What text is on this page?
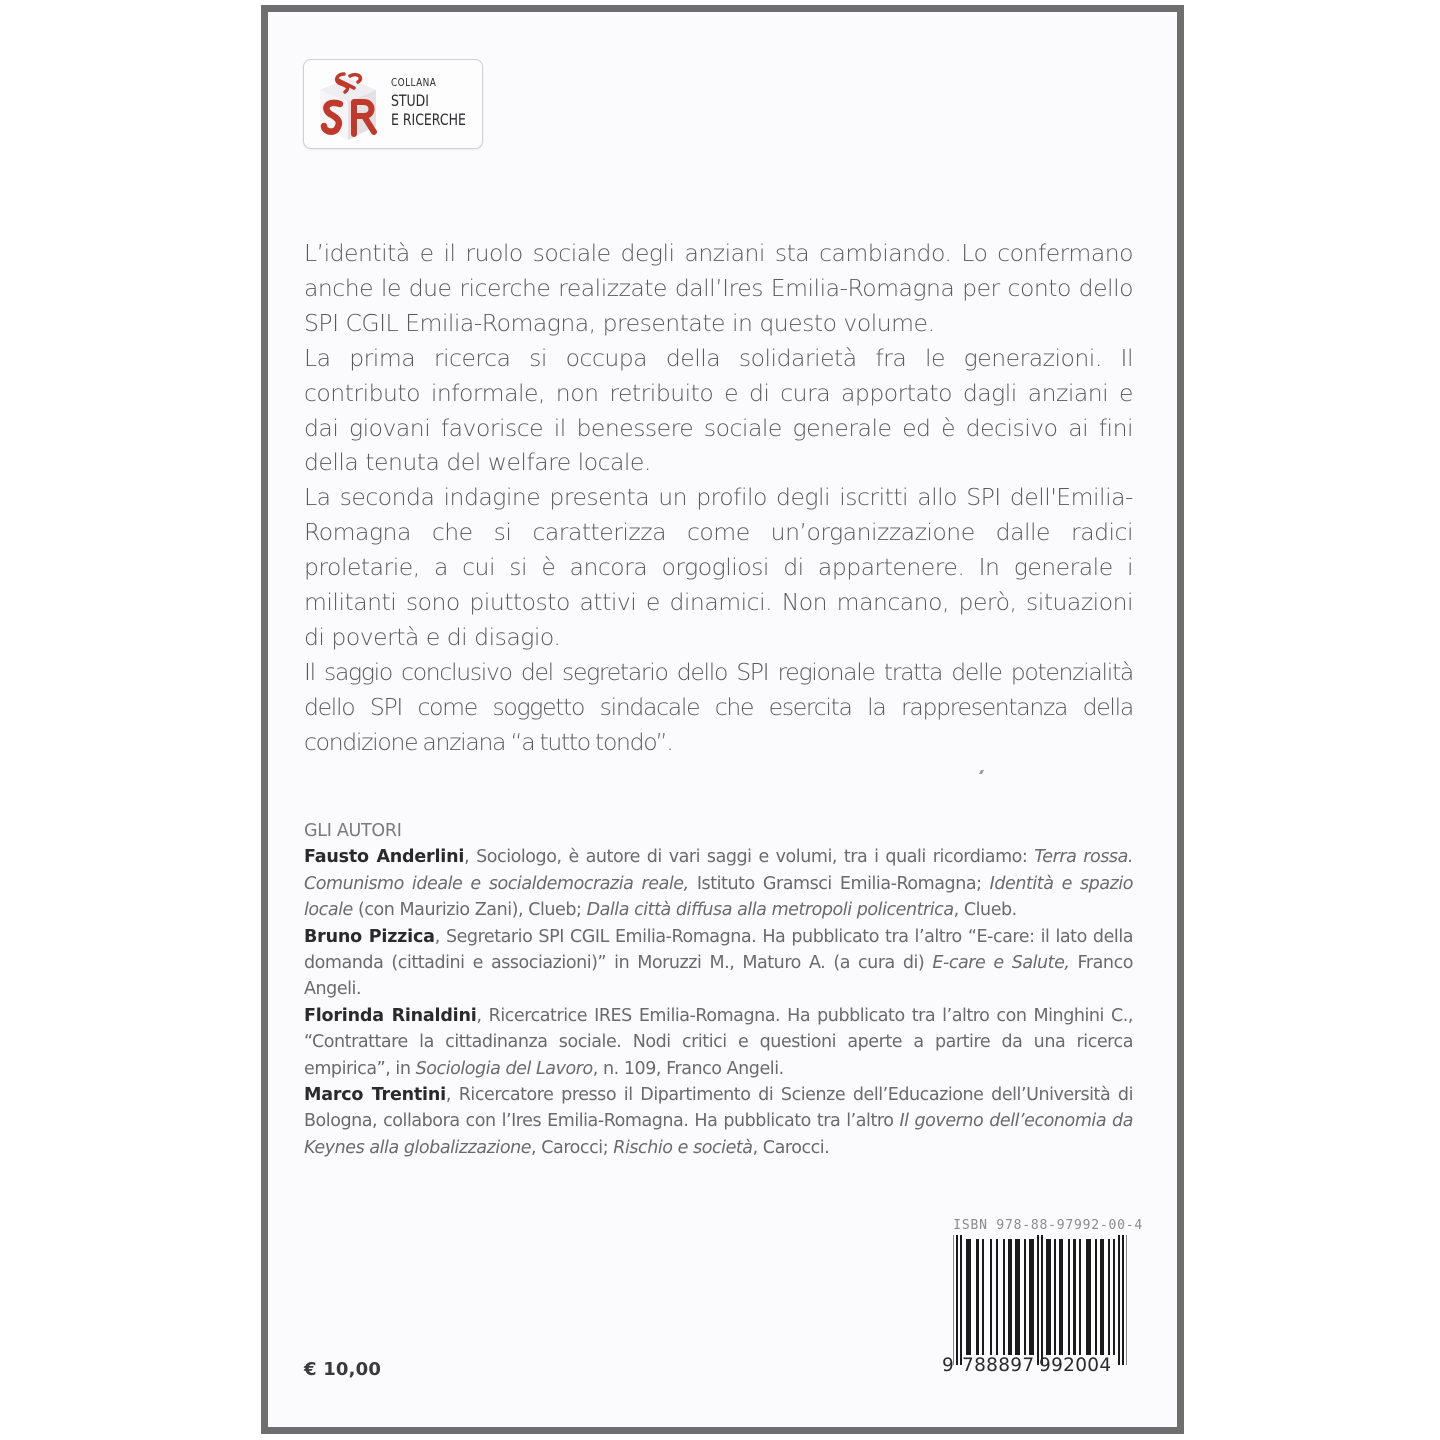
COLLANA
STUDI
E RICERCHE

L’identità e il ruolo sociale degli anziani sta cambiando. Lo confermano anche le due ricerche realizzate dall’Ires Emilia-Romagna per conto dello SPI CGIL Emilia-Romagna, presentate in questo volume.

La prima ricerca si occupa della solidarietà fra le generazioni. Il contributo informale, non retribuito e di cura apportato dagli anziani e dai giovani favorisce il benessere sociale generale ed è decisivo ai fini della tenuta del welfare locale.

La seconda indagine presenta un profilo degli iscritti allo SPI dell'Emilia-Romagna che si caratterizza come un’organizzazione dalle radici proletarie, a cui si è ancora orgogliosi di appartenere. In generale i militanti sono piuttosto attivi e dinamici. Non mancano, però, situazioni di povertà e di disagio.

Il saggio conclusivo del segretario dello SPI regionale tratta delle potenzialità dello SPI come soggetto sindacale che esercita la rappresentanza della condizione anziana “a tutto tondo”.

GLI AUTORI

Fausto Anderlini, Sociologo, è autore di vari saggi e volumi, tra i quali ricordiamo: Terra rossa. Comunismo ideale e socialdemocrazia reale, Istituto Gramsci Emilia-Romagna; Identità e spazio locale (con Maurizio Zani), Clueb; Dalla città diffusa alla metropoli policentrica, Clueb.

Bruno Pizzica, Segretario SPI CGIL Emilia-Romagna. Ha pubblicato tra l’altro “E-care: il lato della domanda (cittadini e associazioni)” in Moruzzi M., Maturo A. (a cura di) E-care e Salute, Franco Angeli.

Florinda Rinaldini, Ricercatrice IRES Emilia-Romagna. Ha pubblicato tra l’altro con Minghini C., “Contrattare la cittadinanza sociale. Nodi critici e questioni aperte a partire da una ricerca empirica”, in Sociologia del Lavoro, n. 109, Franco Angeli.

Marco Trentini, Ricercatore presso il Dipartimento di Scienze dell’Educazione dell’Università di Bologna, collabora con l’Ires Emilia-Romagna. Ha pubblicato tra l’altro Il governo dell’economia da Keynes alla globalizzazione, Carocci; Rischio e società, Carocci.

ISBN 978-88-97992-00-4
9 788897 992004
€ 10,00
